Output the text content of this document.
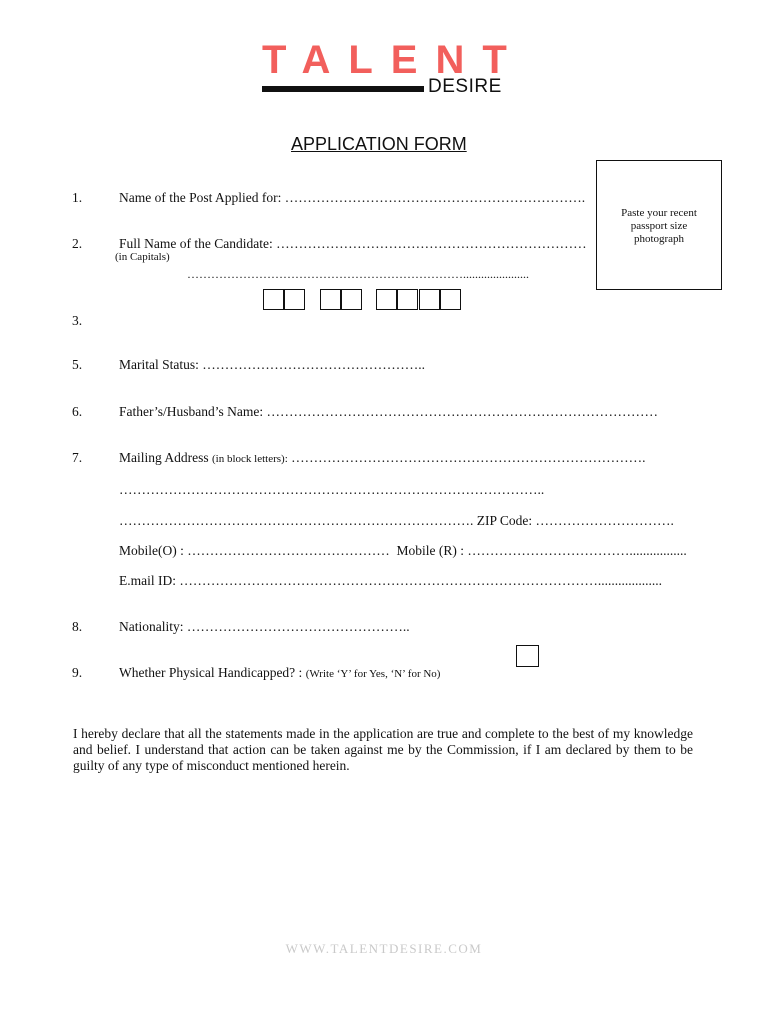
TALENT
DESIRE
APPLICATION FORM
Paste your recent passport size photograph
1.	Name of the Post Applied for: ………………………………………………………….
2.	Full Name of the Candidate: ……………………………………………………………
(in Capitals)
……………………………………………………………......................
3.
5.	Marital Status: …………………………………………..
6.	Father’s/Husband’s Name: ……………………………………………………………………………
7.	Mailing Address (in block letters): …………………………………………………………………….
…………………………………………………………………………………..
……………………………………………………………………. ZIP Code: ………………………….
Mobile(O) : ……………………………………… Mobile (R) : ……………………………….................
E.mail ID: …………………………………………………………………………………...................
8.	Nationality: …………………………………………..
9.	Whether Physical Handicapped? : (Write ‘Y’ for Yes, ‘N’ for No)
I hereby declare that all the statements made in the application are true and complete to the best of my knowledge and belief. I understand that action can be taken against me by the Commission, if I am declared by them to be guilty of any type of misconduct mentioned herein.
WWW.TALENTDESIRE.COM
